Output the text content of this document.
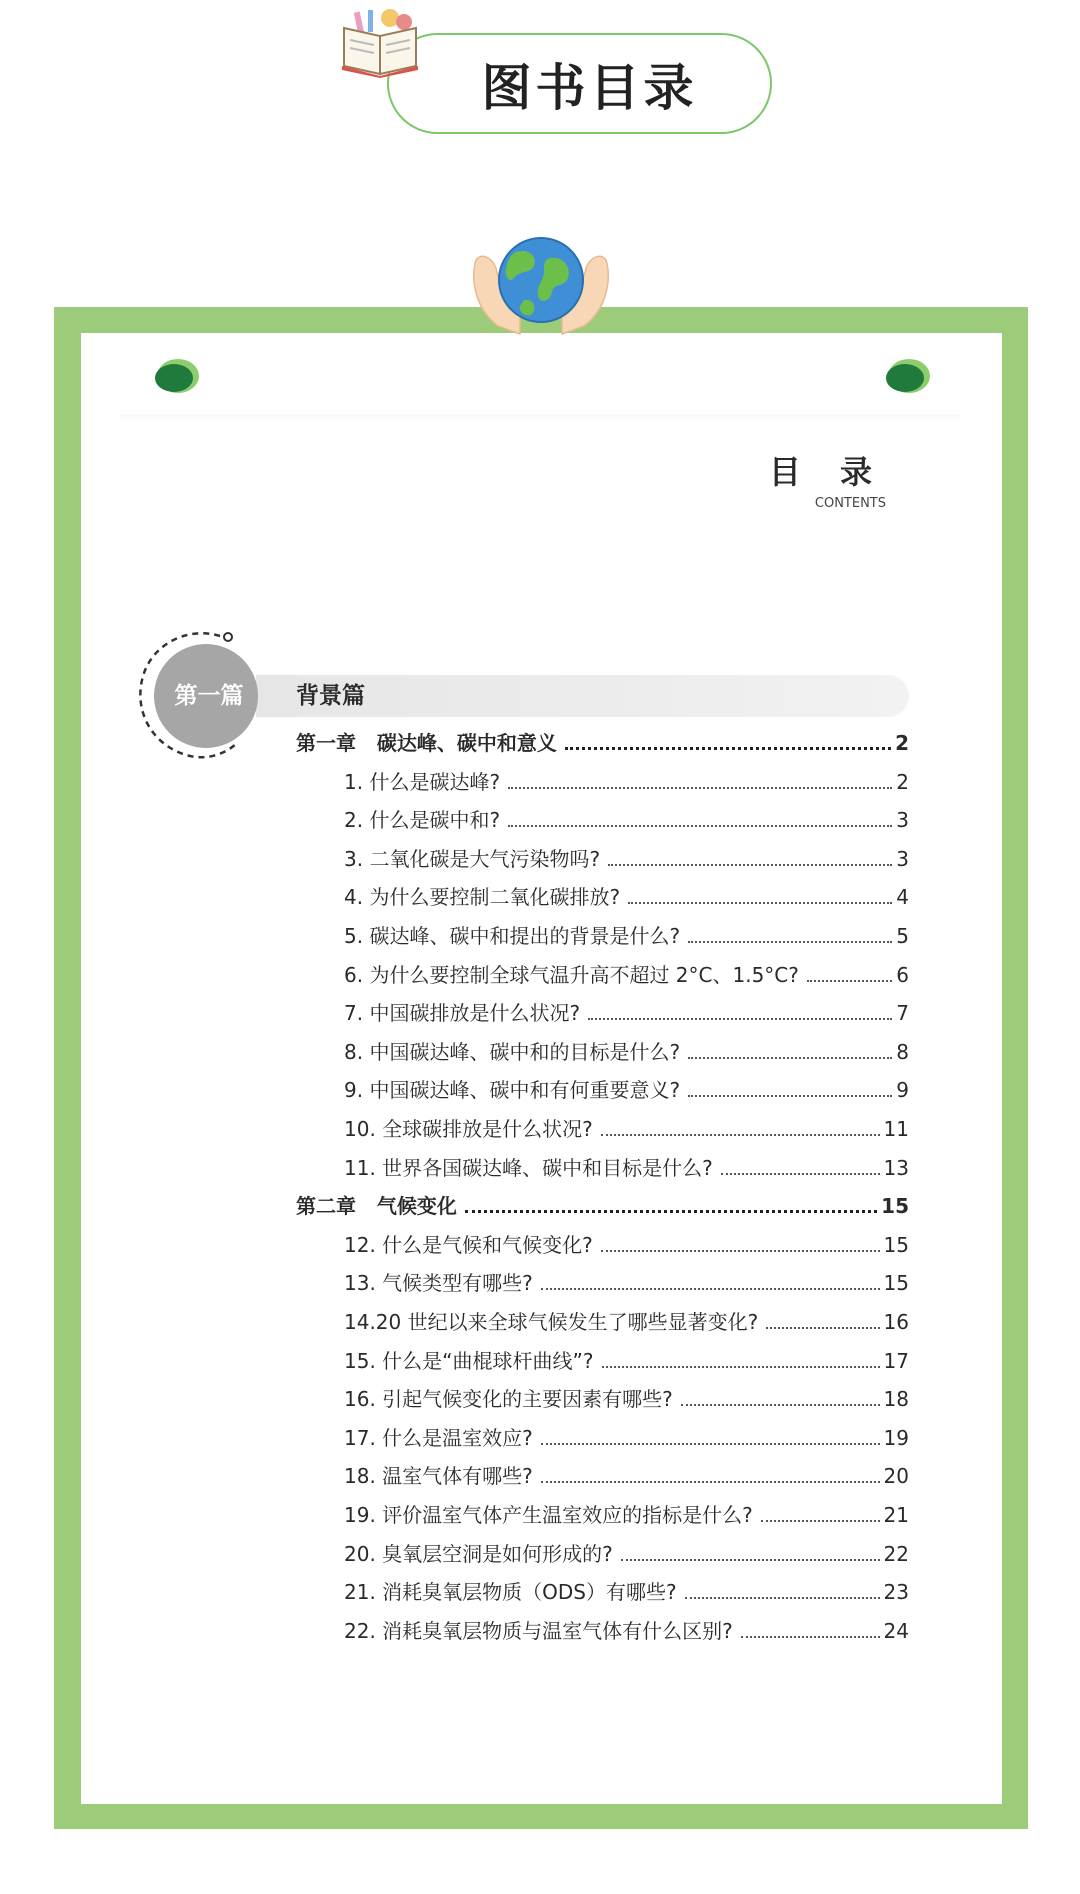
图书目录
目 录
CONTENTS
第一篇	背景篇
第一章   碳达峰、碳中和意义	2
1. 什么是碳达峰?	2
2. 什么是碳中和?	3
3. 二氧化碳是大气污染物吗?	3
4. 为什么要控制二氧化碳排放?	4
5. 碳达峰、碳中和提出的背景是什么?	5
6. 为什么要控制全球气温升高不超过 2°C、1.5°C?	6
7. 中国碳排放是什么状况?	7
8. 中国碳达峰、碳中和的目标是什么?	8
9. 中国碳达峰、碳中和有何重要意义?	9
10. 全球碳排放是什么状况?	11
11. 世界各国碳达峰、碳中和目标是什么?	13
第二章   气候变化	15
12. 什么是气候和气候变化?	15
13. 气候类型有哪些?	15
14.20 世纪以来全球气候发生了哪些显著变化?	16
15. 什么是“曲棍球杆曲线”?	17
16. 引起气候变化的主要因素有哪些?	18
17. 什么是温室效应?	19
18. 温室气体有哪些?	20
19. 评价温室气体产生温室效应的指标是什么?	21
20. 臭氧层空洞是如何形成的?	22
21. 消耗臭氧层物质（ODS）有哪些?	23
22. 消耗臭氧层物质与温室气体有什么区别?	24
